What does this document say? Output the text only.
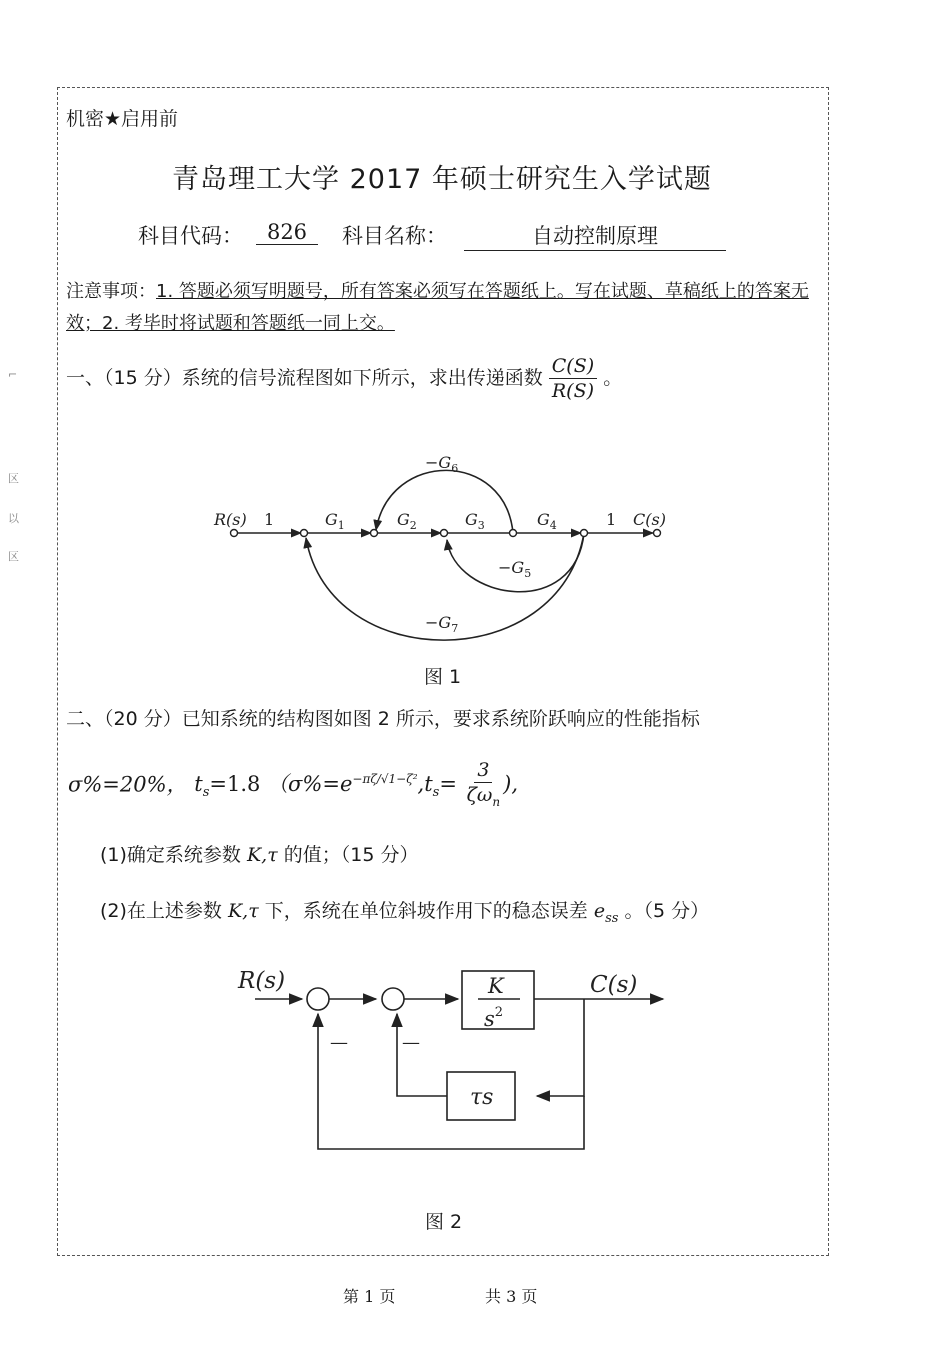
⌐
区
以
区
机密★启用前
青岛理工大学 2017 年硕士研究生入学试题
科目代码：	826	科目名称：	自动控制原理
注意事项：1. 答题必须写明题号，所有答案必须写在答题纸上。写在试题、草稿纸上的答案无效；2. 考毕时将试题和答题纸一同上交。
一、（15 分）系统的信号流程图如下所示，求出传递函数 $\frac{C(S)}{R(S)}$ 。
R(s) 1	$G_1$	$G_2$	$G_3$	$G_4$	1 C(s)
$-G_6$
$-G_5$
$-G_7$
R(s)	C(s)
K
$s^2$
τs
—	—
图 1
二、（20 分）已知系统的结构图如图 2 所示，要求系统阶跃响应的性能指标
σ%=20%， $t_s=1.8$ （$\sigma\%=e^{-\pi\zeta/√1-\zeta^2},t_s= \frac{3}{\zeta\omega_n}$ ),
(1)确定系统参数 K,τ 的值；（15 分）
(2)在上述参数 K,τ 下，系统在单位斜坡作用下的稳态误差 $e_{ss}$ 。（5 分）
图 2
第 1 页	共 3 页
